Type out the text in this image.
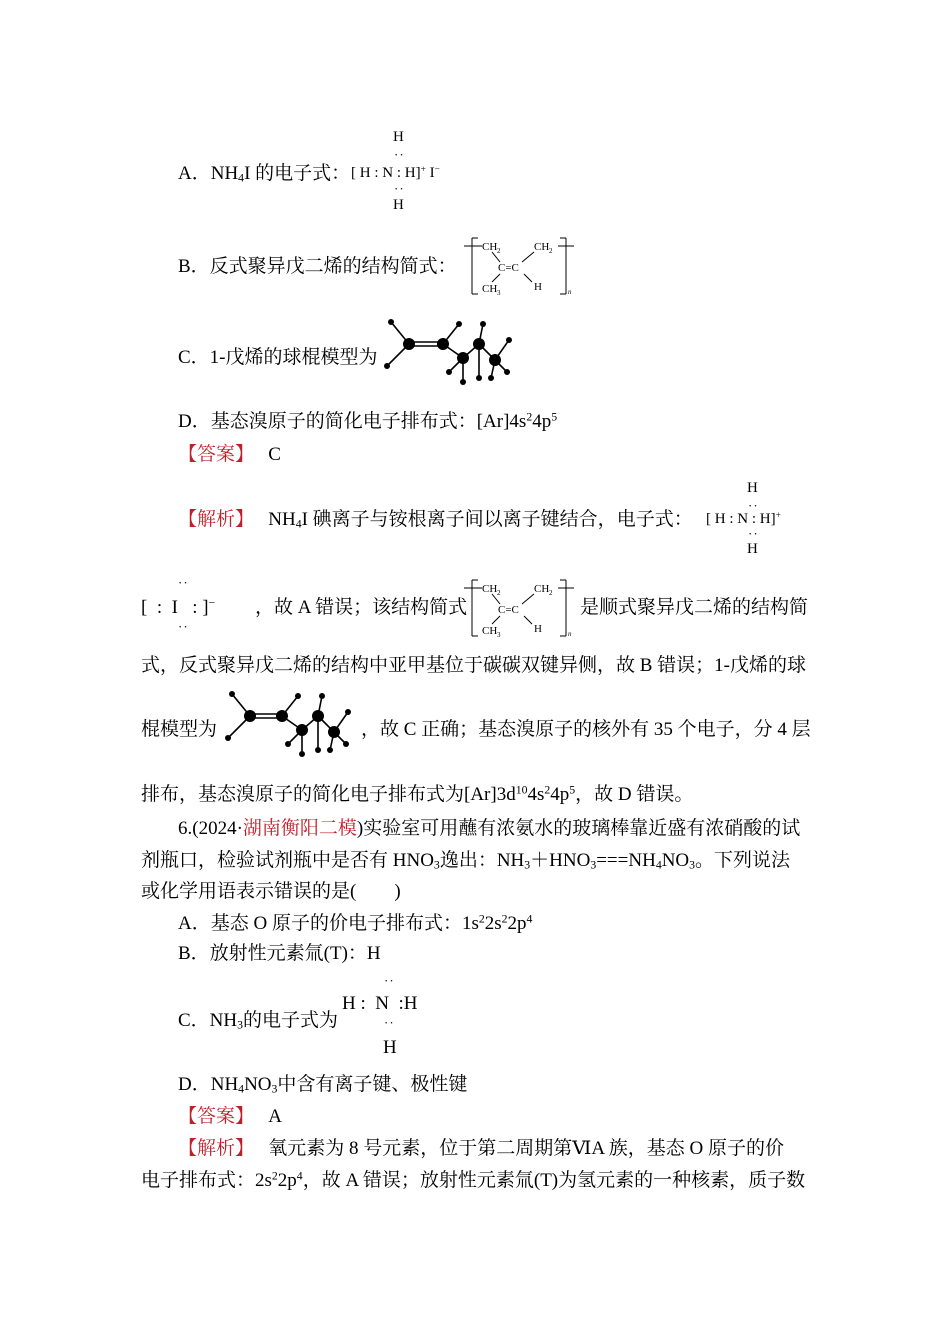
A．$NH_4I$ 的电子式：
H
··
[ H : N : H]+ I−
··
H
B．反式聚异戊二烯的结构简式：
CH 2	CH 2
C=C
CH 3	H	n
C．1-戊烯的球棍模型为
D．基态溴原子的简化电子排布式：$[Ar]4s^24p^5$
【答案】 C
【解析】 $NH_4I$ 碘离子与铵根离子间以离子键结合，电子式：
H
··
[ H : N : H]+
··
H
··
[ : I : ]−
··
，故 A 错误；该结构简式
CH 2	CH 2
C=C
CH 3	H	n
是顺式聚异戊二烯的结构简
式，反式聚异戊二烯的结构中亚甲基位于碳碳双键异侧，故 B 错误；1-戊烯的球
棍模型为	，故 C 正确；基态溴原子的核外有 35 个电子，分 4 层
排布，基态溴原子的简化电子排布式为$[Ar]3d^{10}4s^24p^5$，故 D 错误。
6.(2024·湖南衡阳二模)实验室可用蘸有浓氨水的玻璃棒靠近盛有浓硝酸的试
剂瓶口，检验试剂瓶中是否有 $HNO_3$逸出：$NH_3+HNO_3===NH_4NO_3$。下列说法
或化学用语表示错误的是(　　)
A．基态 O 原子的价电子排布式：$1s^22s^22p^4$
B．放射性元素氚(T)：H
C．$NH_3$的电子式为
··
H : N :H
··
H
D．$NH_4NO_3$中含有离子键、极性键
【答案】 A
【解析】 氧元素为 8 号元素，位于第二周期第ⅥA 族，基态 O 原子的价
电子排布式：$2s^22p^4$，故 A 错误；放射性元素氚(T)为氢元素的一种核素，质子数
